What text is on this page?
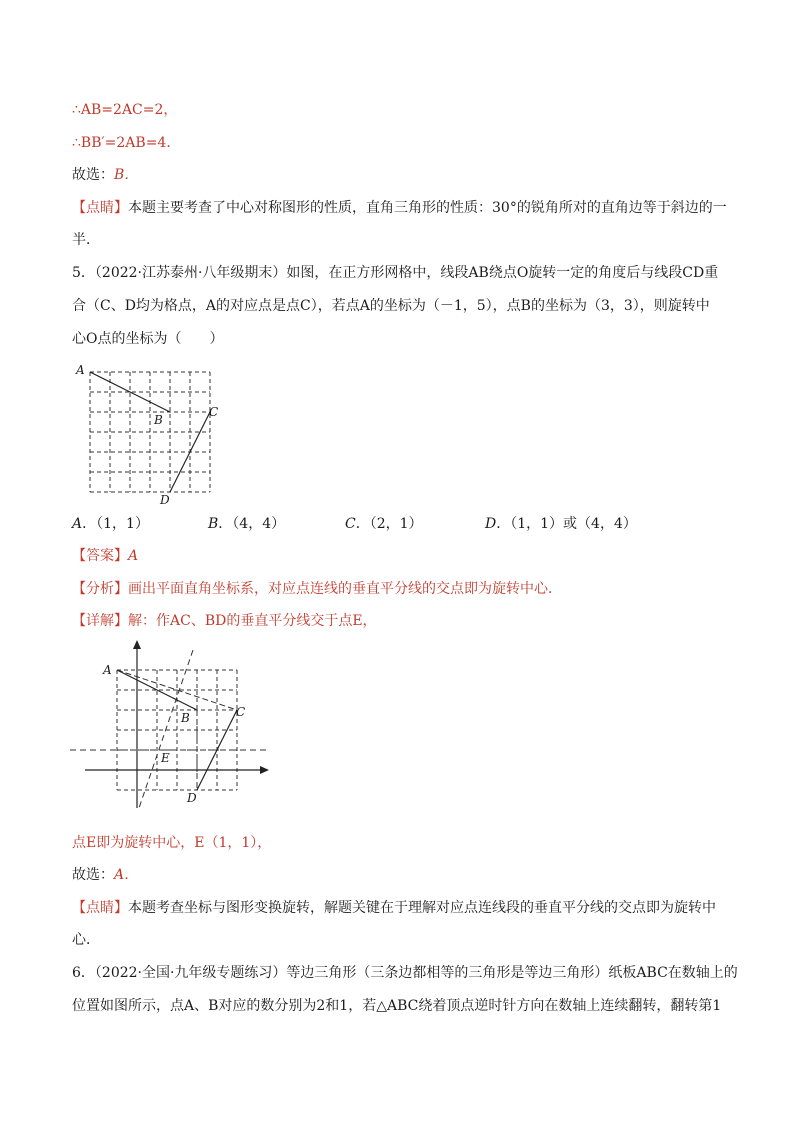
∴AB=2AC=2，
∴BB′=2AB=4．
故选：B．
【点睛】本题主要考查了中心对称图形的性质，直角三角形的性质：30°的锐角所对的直角边等于斜边的一
半．
5．（2022·江苏泰州·八年级期末）如图，在正方形网格中，线段AB绕点O旋转一定的角度后与线段CD重
合（C、D均为格点，A的对应点是点C），若点A的坐标为（－1，5），点B的坐标为（3，3），则旋转中
心O点的坐标为（　　）
A
B
C
D
A．（1，1）	B．（4，4）	C．（2，1）	D．（1，1）或（4，4）
【答案】A
【分析】画出平面直角坐标系，对应点连线的垂直平分线的交点即为旋转中心．
【详解】解：作AC、BD的垂直平分线交于点E，
A
B	C
E
D
点E即为旋转中心，E（1，1），
故选：A．
【点睛】本题考查坐标与图形变换旋转，解题关键在于理解对应点连线段的垂直平分线的交点即为旋转中
心．
6．（2022·全国·九年级专题练习）等边三角形（三条边都相等的三角形是等边三角形）纸板ABC在数轴上的
位置如图所示，点A、B对应的数分别为2和1，若△ABC绕着顶点逆时针方向在数轴上连续翻转，翻转第1
